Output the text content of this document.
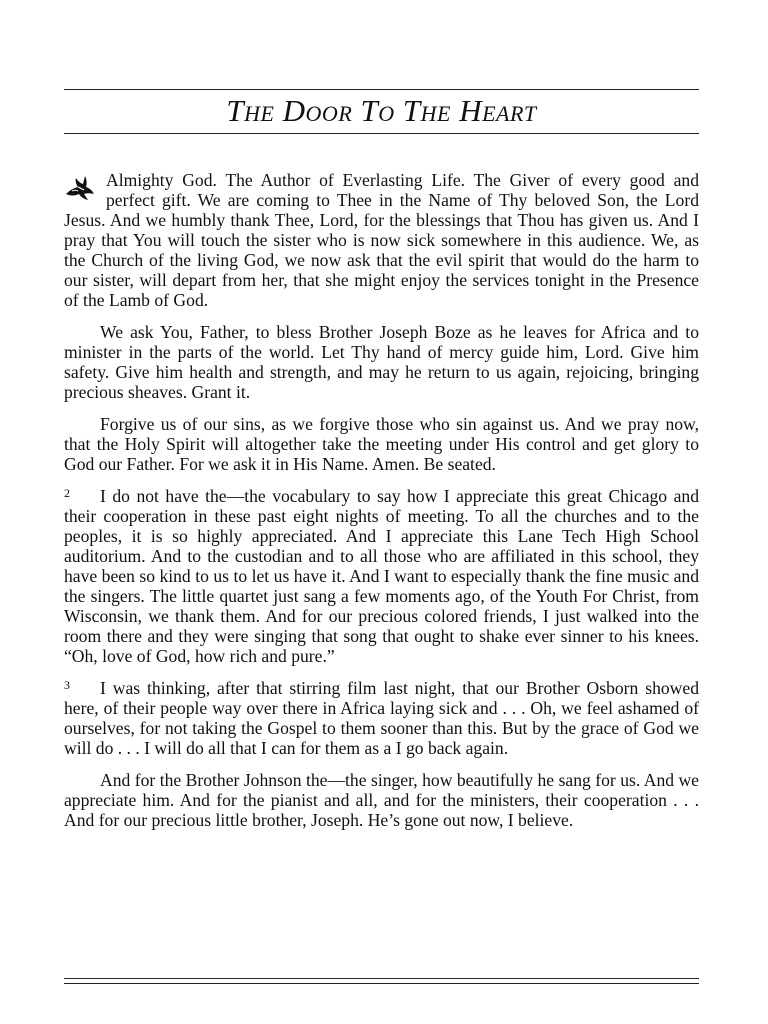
The Door To The Heart

Almighty God. The Author of Everlasting Life. The Giver of every good and perfect gift. We are coming to Thee in the Name of Thy beloved Son, the Lord Jesus. And we humbly thank Thee, Lord, for the blessings that Thou has given us. And I pray that You will touch the sister who is now sick somewhere in this audience. We, as the Church of the living God, we now ask that the evil spirit that would do the harm to our sister, will depart from her, that she might enjoy the services tonight in the Presence of the Lamb of God.

We ask You, Father, to bless Brother Joseph Boze as he leaves for Africa and to minister in the parts of the world. Let Thy hand of mercy guide him, Lord. Give him safety. Give him health and strength, and may he return to us again, rejoicing, bringing precious sheaves. Grant it.

Forgive us of our sins, as we forgive those who sin against us. And we pray now, that the Holy Spirit will altogether take the meeting under His control and get glory to God our Father. For we ask it in His Name. Amen. Be seated.

2 I do not have the—the vocabulary to say how I appreciate this great Chicago and their cooperation in these past eight nights of meeting. To all the churches and to the peoples, it is so highly appreciated. And I appreciate this Lane Tech High School auditorium. And to the custodian and to all those who are affiliated in this school, they have been so kind to us to let us have it. And I want to especially thank the fine music and the singers. The little quartet just sang a few moments ago, of the Youth For Christ, from Wisconsin, we thank them. And for our precious colored friends, I just walked into the room there and they were singing that song that ought to shake ever sinner to his knees. “Oh, love of God, how rich and pure.”

3 I was thinking, after that stirring film last night, that our Brother Osborn showed here, of their people way over there in Africa laying sick and . . . Oh, we feel ashamed of ourselves, for not taking the Gospel to them sooner than this. But by the grace of God we will do . . . I will do all that I can for them as a I go back again.

And for the Brother Johnson the—the singer, how beautifully he sang for us. And we appreciate him. And for the pianist and all, and for the ministers, their cooperation . . . And for our precious little brother, Joseph. He’s gone out now, I believe.
